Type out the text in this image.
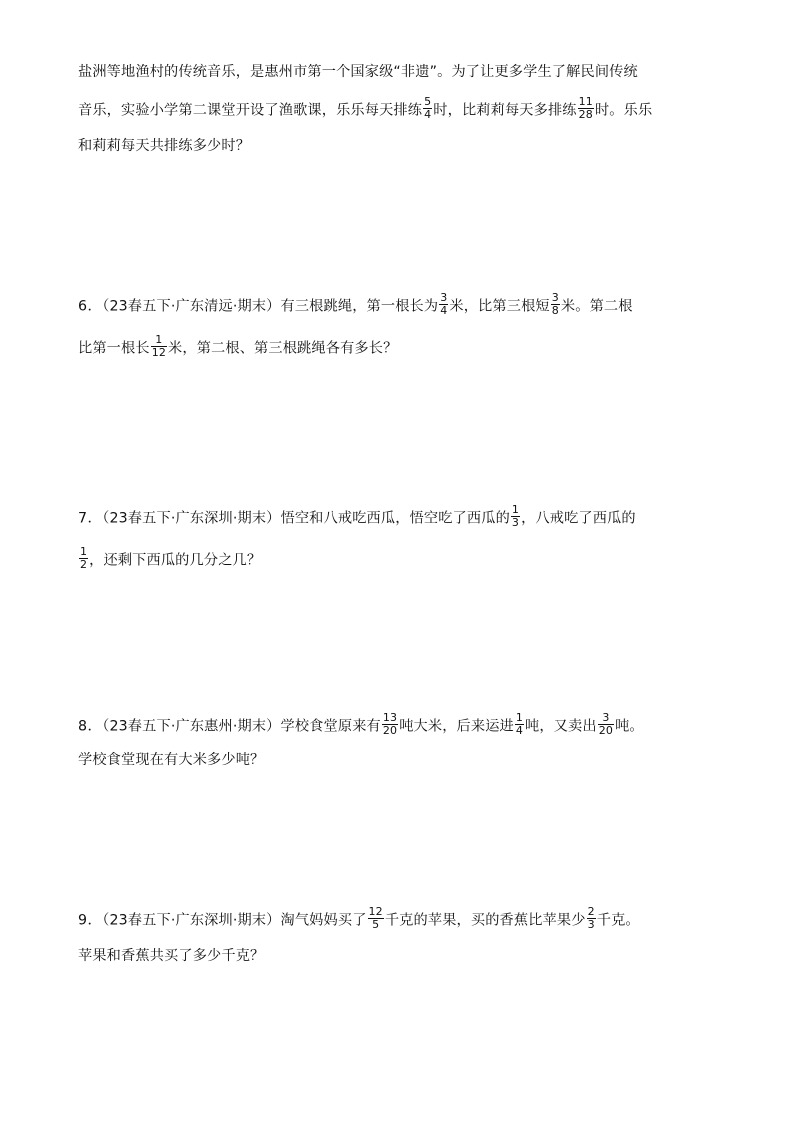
盐洲等地渔村的传统音乐，是惠州市第一个国家级“非遗”。为了让更多学生了解民间传统
音乐，实验小学第二课堂开设了渔歌课，乐乐每天排练 $\frac{5}{4}$ 时，比莉莉每天多排练 $\frac{11}{28}$ 时。乐乐
和莉莉每天共排练多少时？
6．（23春五下·广东清远·期末）有三根跳绳，第一根长为 $\frac{3}{4}$ 米，比第三根短 $\frac{3}{8}$ 米。第二根
比第一根长 $\frac{1}{12}$ 米，第二根、第三根跳绳各有多长？
7．（23春五下·广东深圳·期末）悟空和八戒吃西瓜，悟空吃了西瓜的 $\frac{1}{3}$ ，八戒吃了西瓜的
$\frac{1}{2}$ ，还剩下西瓜的几分之几？
8．（23春五下·广东惠州·期末）学校食堂原来有 $\frac{13}{20}$ 吨大米，后来运进 $\frac{1}{4}$ 吨，又卖出 $\frac{3}{20}$ 吨。
学校食堂现在有大米多少吨？
9．（23春五下·广东深圳·期末）淘气妈妈买了 $\frac{12}{5}$ 千克的苹果，买的香蕉比苹果少 $\frac{2}{3}$ 千克。
苹果和香蕉共买了多少千克？
